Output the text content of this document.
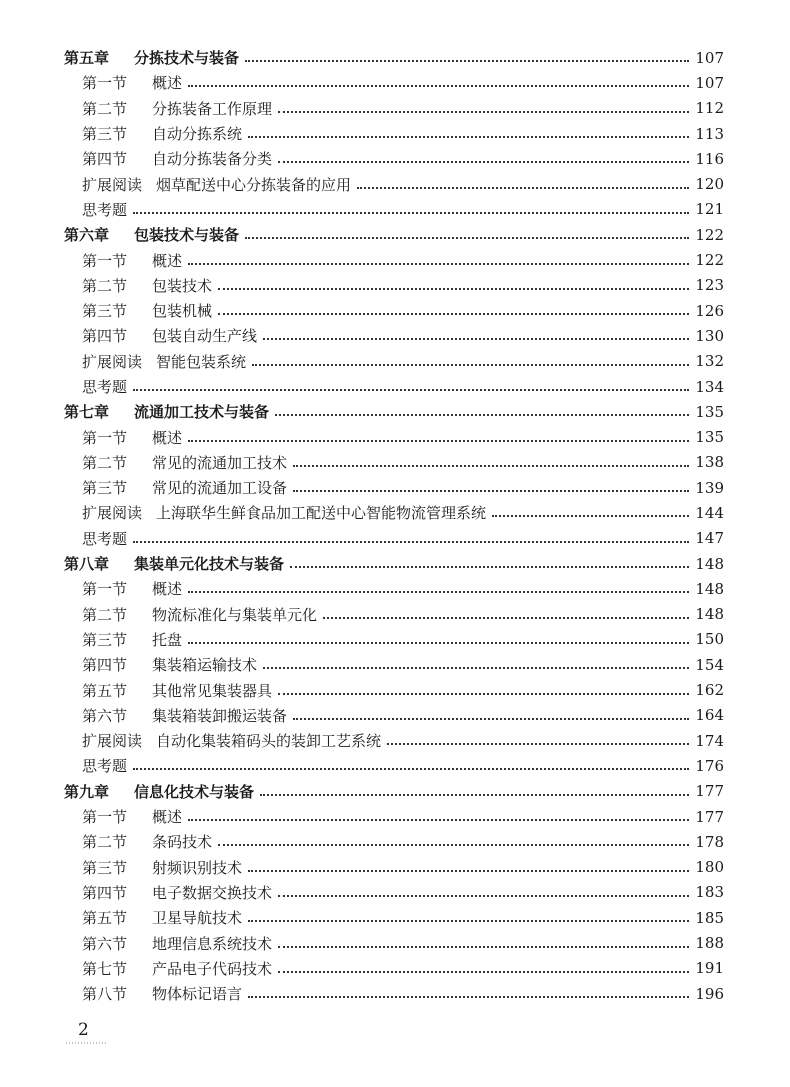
第五章	分拣技术与装备	107
第一节	概述	107
第二节	分拣装备工作原理	112
第三节	自动分拣系统	113
第四节	自动分拣装备分类	116
扩展阅读 烟草配送中心分拣装备的应用	120
思考题	121
第六章	包装技术与装备	122
第一节	概述	122
第二节	包装技术	123
第三节	包装机械	126
第四节	包装自动生产线	130
扩展阅读 智能包装系统	132
思考题	134
第七章	流通加工技术与装备	135
第一节	概述	135
第二节	常见的流通加工技术	138
第三节	常见的流通加工设备	139
扩展阅读 上海联华生鲜食品加工配送中心智能物流管理系统	144
思考题	147
第八章	集装单元化技术与装备	148
第一节	概述	148
第二节	物流标准化与集装单元化	148
第三节	托盘	150
第四节	集装箱运输技术	154
第五节	其他常见集装器具	162
第六节	集装箱装卸搬运装备	164
扩展阅读 自动化集装箱码头的装卸工艺系统	174
思考题	176
第九章	信息化技术与装备	177
第一节	概述	177
第二节	条码技术	178
第三节	射频识别技术	180
第四节	电子数据交换技术	183
第五节	卫星导航技术	185
第六节	地理信息系统技术	188
第七节	产品电子代码技术	191
第八节	物体标记语言	196
2
